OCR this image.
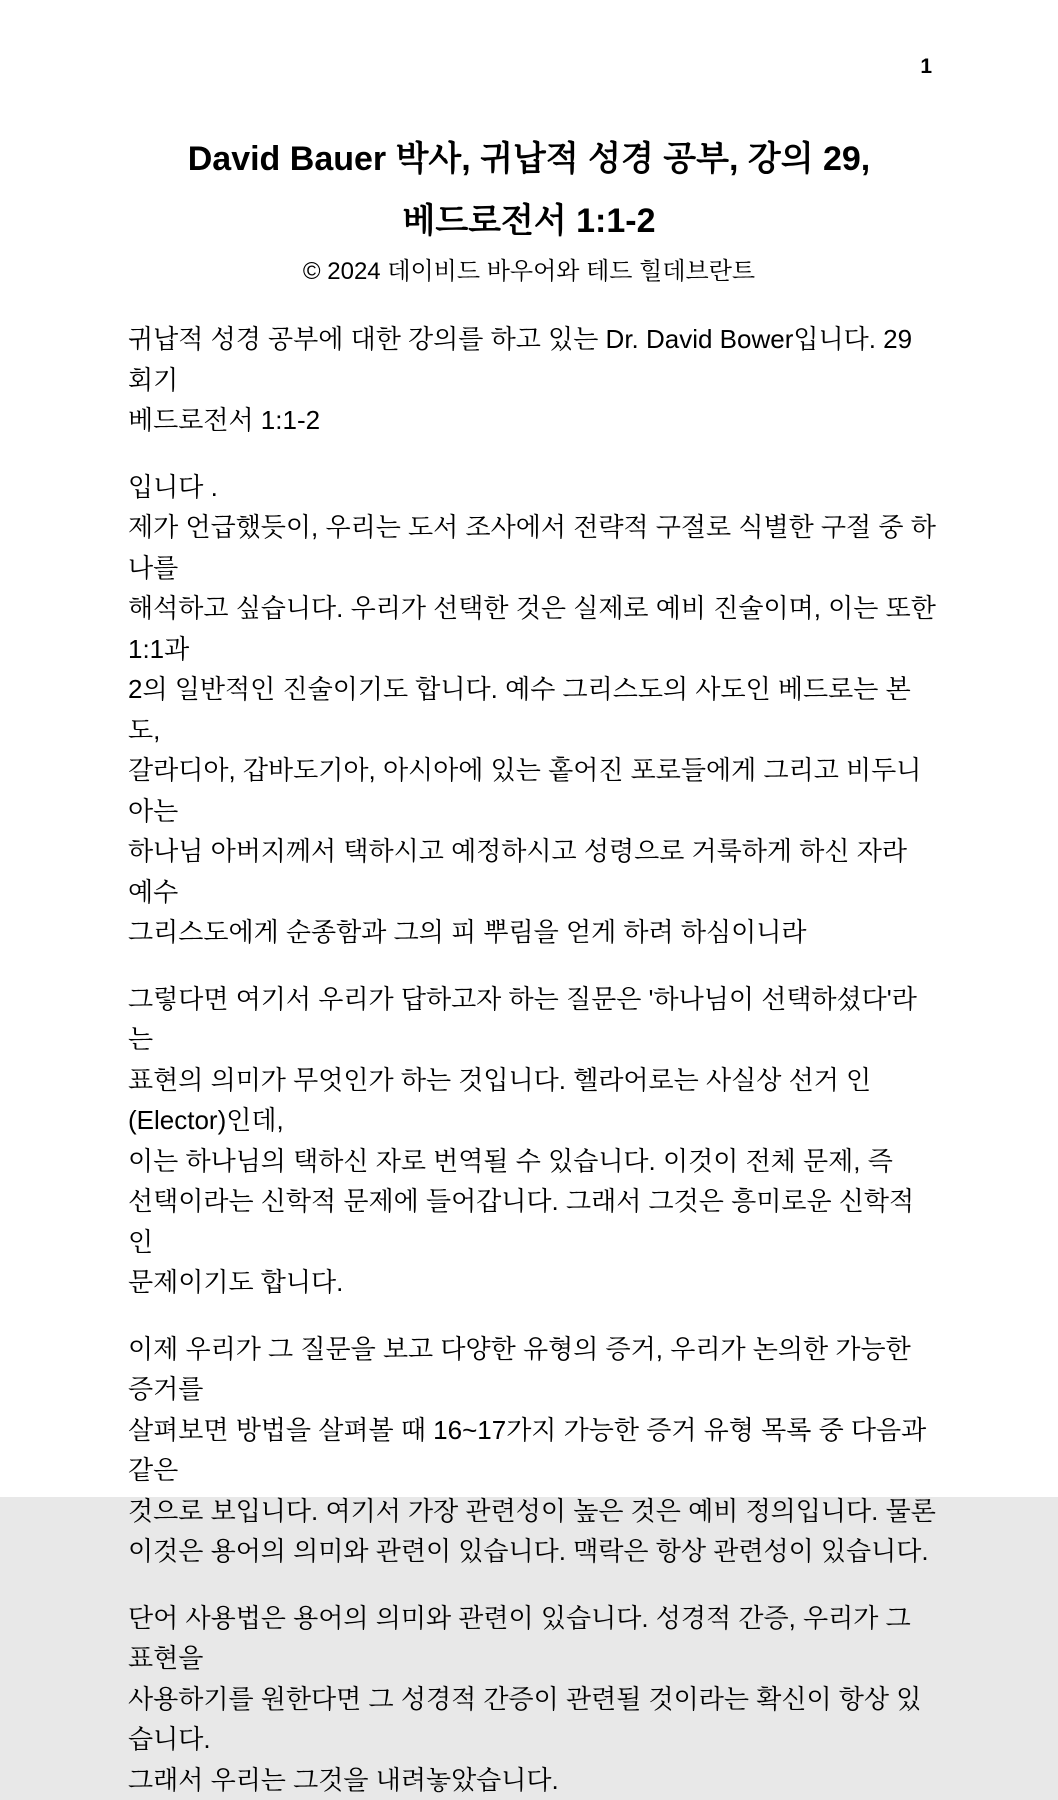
1
David Bauer 박사, 귀납적 성경 공부, 강의 29,
베드로전서 1:1-2
© 2024 데이비드 바우어와 테드 힐데브란트
귀납적 성경 공부에 대한 강의를 하고 있는 Dr. David Bower입니다. 29회기
베드로전서 1:1-2
입니다 .
제가 언급했듯이, 우리는 도서 조사에서 전략적 구절로 식별한 구절 중 하나를
해석하고 싶습니다. 우리가 선택한 것은 실제로 예비 진술이며, 이는 또한 1:1과
2의 일반적인 진술이기도 합니다. 예수 그리스도의 사도인 베드로는 본도,
갈라디아, 갑바도기아, 아시아에 있는 홑어진 포로들에게 그리고 비두니아는
하나님 아버지께서 택하시고 예정하시고 성령으로 거룩하게 하신 자라 예수
그리스도에게 순종함과 그의 피 뿌림을 얻게 하려 하심이니라
그렇다면 여기서 우리가 답하고자 하는 질문은 '하나님이 선택하셨다'라는
표현의 의미가 무엇인가 하는 것입니다. 헬라어로는 사실상 선거 인(Elector)인데,
이는 하나님의 택하신 자로 번역될 수 있습니다. 이것이 전체 문제, 즉
선택이라는 신학적 문제에 들어갑니다. 그래서 그것은 흥미로운 신학적인
문제이기도 합니다.
이제 우리가 그 질문을 보고 다양한 유형의 증거, 우리가 논의한 가능한 증거를
살펴보면 방법을 살펴볼 때 16~17가지 가능한 증거 유형 목록 중 다음과 같은
것으로 보입니다. 여기서 가장 관련성이 높은 것은 예비 정의입니다. 물론
이것은 용어의 의미와 관련이 있습니다. 맥락은 항상 관련성이 있습니다.
단어 사용법은 용어의 의미와 관련이 있습니다. 성경적 간증, 우리가 그 표현을
사용하기를 원한다면 그 성경적 간증이 관련될 것이라는 확신이 항상 있습니다.
그래서 우리는 그것을 내려놓았습니다.
